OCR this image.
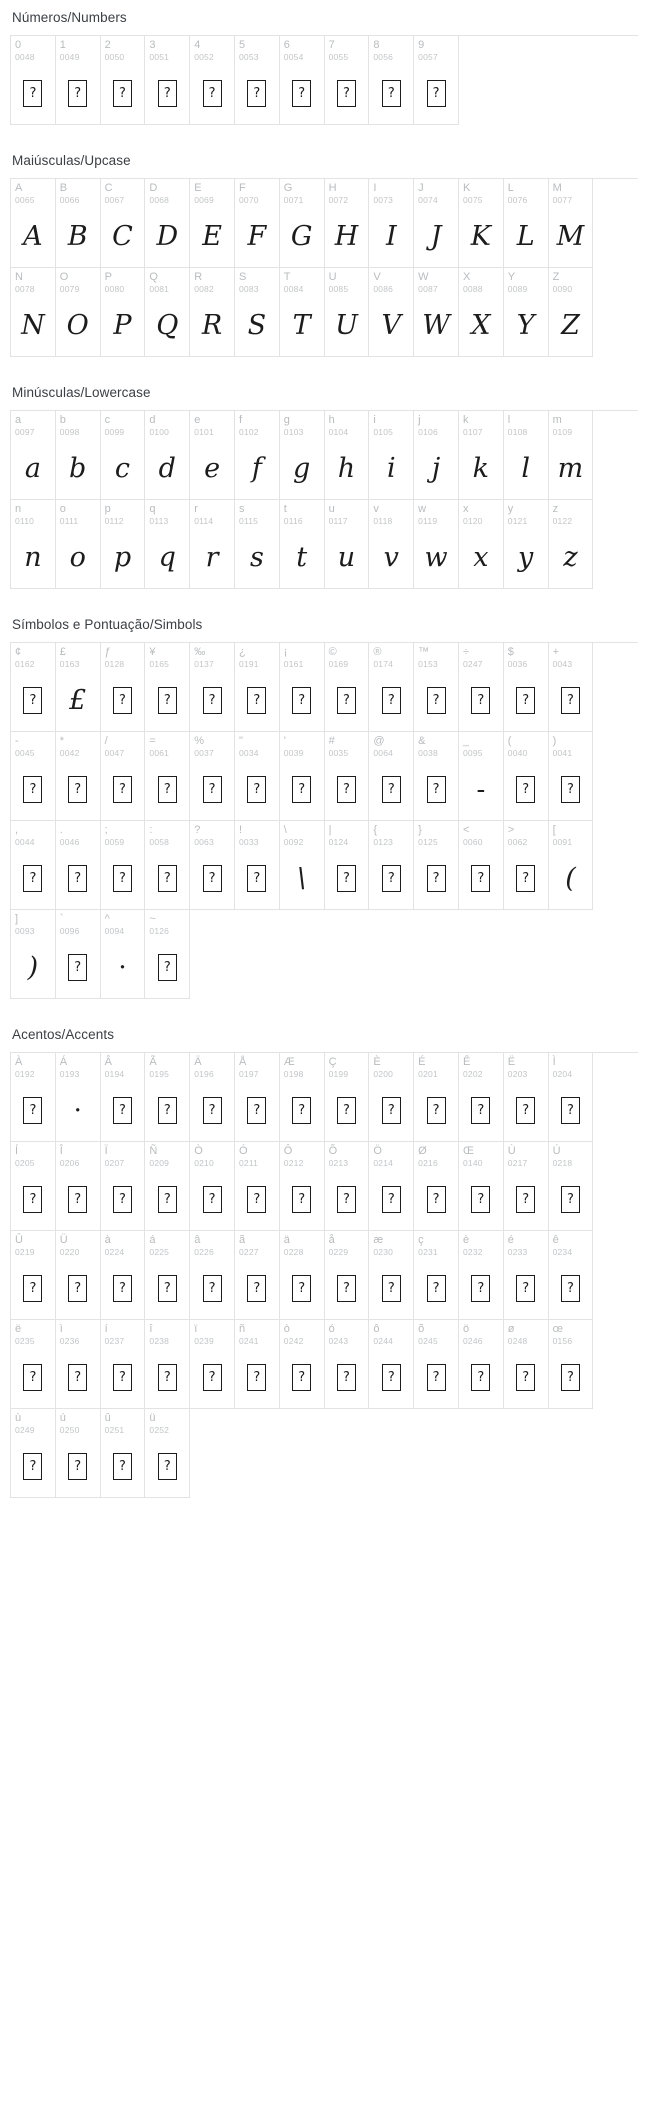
Números/Numbers
0
0048
?
1
0049
?
2
0050
?
3
0051
?
4
0052
?
5
0053
?
6
0054
?
7
0055
?
8
0056
?
9
0057
?
Maiúsculas/Upcase
A
0065
A
B
0066
B
C
0067
C
D
0068
D
E
0069
E
F
0070
F
G
0071
G
H
0072
H
I
0073
I
J
0074
J
K
0075
K
L
0076
L
M
0077
M
N
0078
N
O
0079
O
P
0080
P
Q
0081
Q
R
0082
R
S
0083
S
T
0084
T
U
0085
U
V
0086
V
W
0087
W
X
0088
X
Y
0089
Y
Z
0090
Z
Minúsculas/Lowercase
a
0097
a
b
0098
b
c
0099
c
d
0100
d
e
0101
e
f
0102
f
g
0103
g
h
0104
h
i
0105
i
j
0106
j
k
0107
k
l
0108
l
m
0109
m
n
0110
n
o
0111
o
p
0112
p
q
0113
q
r
0114
r
s
0115
s
t
0116
t
u
0117
u
v
0118
v
w
0119
w
x
0120
x
y
0121
y
z
0122
z
Símbolos e Pontuação/Simbols
¢
0162
?
£
0163
£
ƒ
0128
?
¥
0165
?
‰
0137
?
¿
0191
?
¡
0161
?
©
0169
?
®
0174
?
™
0153
?
÷
0247
?
$
0036
?
+
0043
?
-
0045
?
*
0042
?
/
0047
?
=
0061
?
%
0037
?
"
0034
?
'
0039
?
#
0035
?
@
0064
?
&
0038
?
_
0095
-
(
0040
?
)
0041
?
,
0044
?
.
0046
?
;
0059
?
:
0058
?
?
0063
?
!
0033
?
\
0092
\
|
0124
?
{
0123
?
}
0125
?
<
0060
?
>
0062
?
[
0091
(
]
0093
)
`
0096
?
^
0094
·
~
0126
?
Acentos/Accents
À
0192
?
Á
0193
·
Â
0194
?
Ã
0195
?
Ä
0196
?
Å
0197
?
Æ
0198
?
Ç
0199
?
È
0200
?
É
0201
?
Ê
0202
?
Ë
0203
?
Ì
0204
?
Í
0205
?
Î
0206
?
Ï
0207
?
Ñ
0209
?
Ò
0210
?
Ó
0211
?
Ô
0212
?
Õ
0213
?
Ö
0214
?
Ø
0216
?
Œ
0140
?
Ù
0217
?
Ú
0218
?
Û
0219
?
Ü
0220
?
à
0224
?
á
0225
?
â
0226
?
ã
0227
?
ä
0228
?
å
0229
?
æ
0230
?
ç
0231
?
è
0232
?
é
0233
?
ê
0234
?
ë
0235
?
ì
0236
?
í
0237
?
î
0238
?
ï
0239
?
ñ
0241
?
ò
0242
?
ó
0243
?
ô
0244
?
õ
0245
?
ö
0246
?
ø
0248
?
œ
0156
?
ù
0249
?
ú
0250
?
û
0251
?
ü
0252
?
